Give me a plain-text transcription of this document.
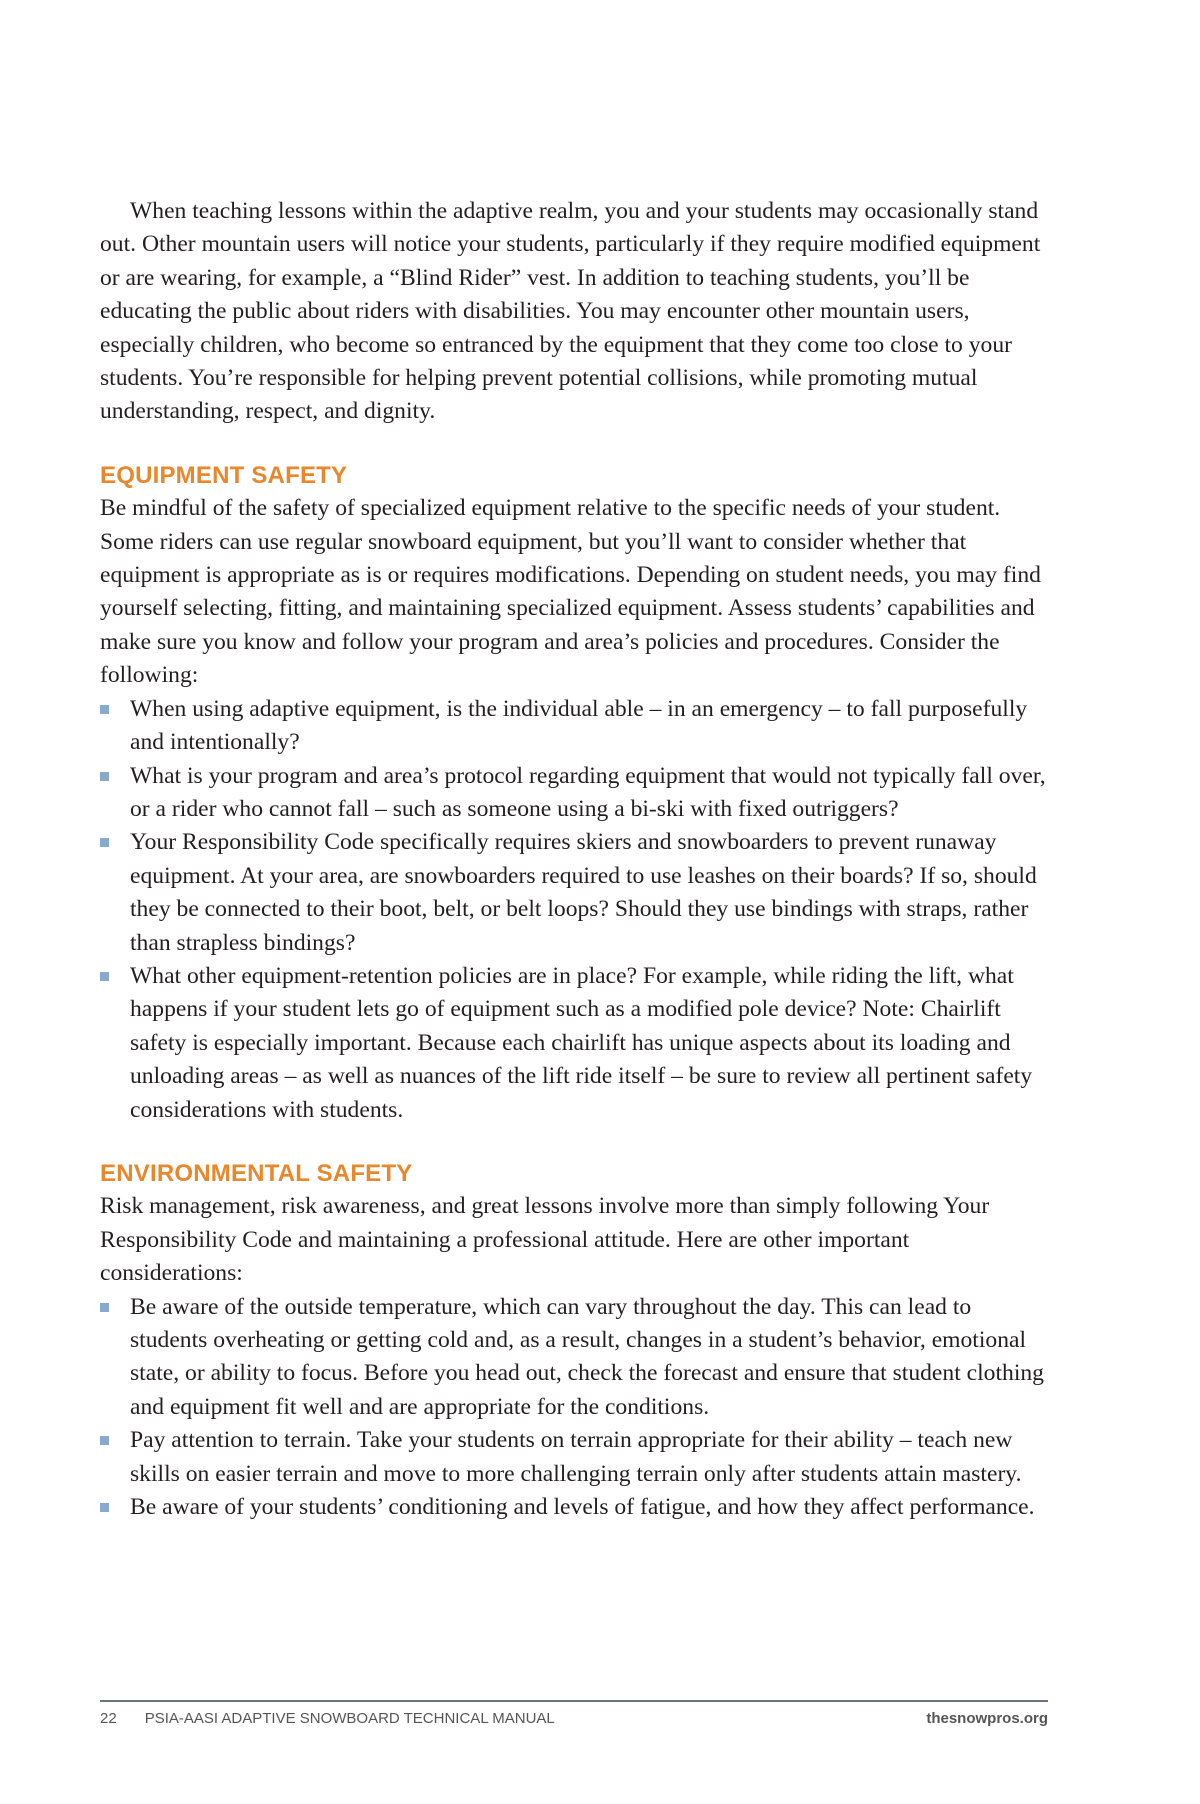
When teaching lessons within the adaptive realm, you and your students may occasionally stand out. Other mountain users will notice your students, particularly if they require modified equipment or are wearing, for example, a “Blind Rider” vest. In addition to teaching students, you’ll be educating the public about riders with disabilities. You may encounter other mountain users, especially children, who become so entranced by the equipment that they come too close to your students. You’re responsible for helping prevent potential collisions, while promoting mutual understanding, respect, and dignity.

EQUIPMENT SAFETY

Be mindful of the safety of specialized equipment relative to the specific needs of your student. Some riders can use regular snowboard equipment, but you’ll want to consider whether that equipment is appropriate as is or requires modifications. Depending on student needs, you may find yourself selecting, fitting, and maintaining specialized equipment. Assess students’ capabilities and make sure you know and follow your program and area’s policies and procedures. Consider the following:

When using adaptive equipment, is the individual able – in an emergency – to fall purposefully and intentionally?
What is your program and area’s protocol regarding equipment that would not typically fall over, or a rider who cannot fall – such as someone using a bi-ski with fixed outriggers?
Your Responsibility Code specifically requires skiers and snowboarders to prevent runaway equipment. At your area, are snowboarders required to use leashes on their boards? If so, should they be connected to their boot, belt, or belt loops? Should they use bindings with straps, rather than strapless bindings?
What other equipment-retention policies are in place? For example, while riding the lift, what happens if your student lets go of equipment such as a modified pole device? Note: Chairlift safety is especially important. Because each chairlift has unique aspects about its loading and unloading areas – as well as nuances of the lift ride itself – be sure to review all pertinent safety considerations with students.
ENVIRONMENTAL SAFETY

Risk management, risk awareness, and great lessons involve more than simply following Your Responsibility Code and maintaining a professional attitude. Here are other important considerations:

Be aware of the outside temperature, which can vary throughout the day. This can lead to students overheating or getting cold and, as a result, changes in a student’s behavior, emotional state, or ability to focus. Before you head out, check the forecast and ensure that student clothing and equipment fit well and are appropriate for the conditions.
Pay attention to terrain. Take your students on terrain appropriate for their ability – teach new skills on easier terrain and move to more challenging terrain only after students attain mastery.
Be aware of your students’ conditioning and levels of fatigue, and how they affect performance.
22 PSIA-AASI ADAPTIVE SNOWBOARD TECHNICAL MANUAL	thesnowpros.org
